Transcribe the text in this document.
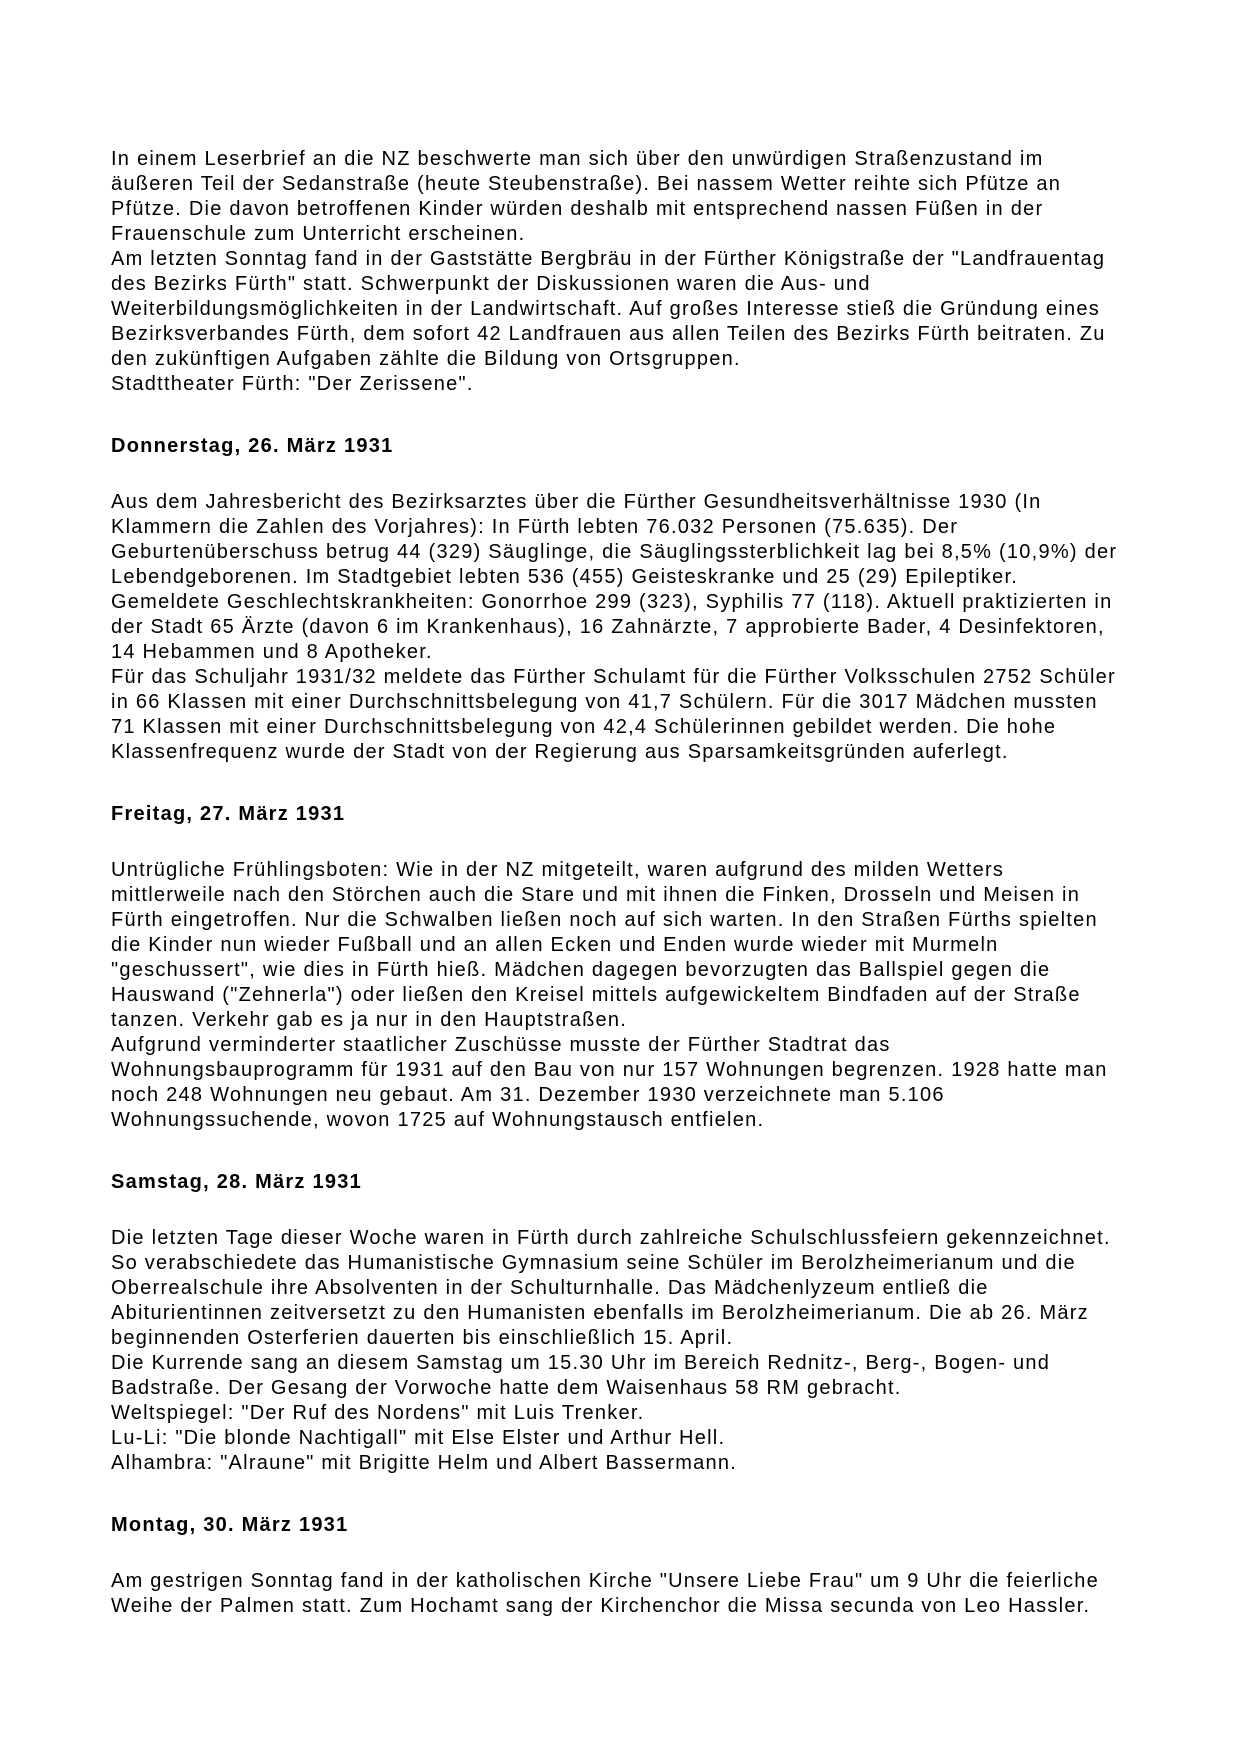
In einem Leserbrief an die NZ beschwerte man sich über den unwürdigen Straßenzustand im äußeren Teil der Sedanstraße (heute Steubenstraße). Bei nassem Wetter reihte sich Pfütze an Pfütze. Die davon betroffenen Kinder würden deshalb mit entsprechend nassen Füßen in der Frauenschule zum Unterricht erscheinen.

Am letzten Sonntag fand in der Gaststätte Bergbräu in der Fürther Königstraße der "Landfrauentag des Bezirks Fürth" statt. Schwerpunkt der Diskussionen waren die Aus- und Weiterbildungsmöglichkeiten in der Landwirtschaft. Auf großes Interesse stieß die Gründung eines Bezirksverbandes Fürth, dem sofort 42 Landfrauen aus allen Teilen des Bezirks Fürth beitraten. Zu den zukünftigen Aufgaben zählte die Bildung von Ortsgruppen.

Stadttheater Fürth: "Der Zerissene".

Donnerstag, 26. März 1931

Aus dem Jahresbericht des Bezirksarztes über die Fürther Gesundheitsverhältnisse 1930 (In Klammern die Zahlen des Vorjahres): In Fürth lebten 76.032 Personen (75.635). Der Geburtenüberschuss betrug 44 (329) Säuglinge, die Säuglingssterblichkeit lag bei 8,5% (10,9%) der Lebendgeborenen. Im Stadtgebiet lebten 536 (455) Geisteskranke und 25 (29) Epileptiker. Gemeldete Geschlechtskrankheiten: Gonorrhoe 299 (323), Syphilis 77 (118). Aktuell praktizierten in der Stadt 65 Ärzte (davon 6 im Krankenhaus), 16 Zahnärzte, 7 approbierte Bader, 4 Desinfektoren, 14 Hebammen und 8 Apotheker.

Für das Schuljahr 1931/32 meldete das Fürther Schulamt für die Fürther Volksschulen 2752 Schüler in 66 Klassen mit einer Durchschnittsbelegung von 41,7 Schülern. Für die 3017 Mädchen mussten 71 Klassen mit einer Durchschnittsbelegung von 42,4 Schülerinnen gebildet werden. Die hohe Klassenfrequenz wurde der Stadt von der Regierung aus Sparsamkeitsgründen auferlegt.

Freitag, 27. März 1931

Untrügliche Frühlingsboten: Wie in der NZ mitgeteilt, waren aufgrund des milden Wetters mittlerweile nach den Störchen auch die Stare und mit ihnen die Finken, Drosseln und Meisen in Fürth eingetroffen. Nur die Schwalben ließen noch auf sich warten. In den Straßen Fürths spielten die Kinder nun wieder Fußball und an allen Ecken und Enden wurde wieder mit Murmeln "geschussert", wie dies in Fürth hieß. Mädchen dagegen bevorzugten das Ballspiel gegen die Hauswand ("Zehnerla") oder ließen den Kreisel mittels aufgewickeltem Bindfaden auf der Straße tanzen. Verkehr gab es ja nur in den Hauptstraßen.

Aufgrund verminderter staatlicher Zuschüsse musste der Fürther Stadtrat das Wohnungsbauprogramm für 1931 auf den Bau von nur 157 Wohnungen begrenzen. 1928 hatte man noch 248 Wohnungen neu gebaut. Am 31. Dezember 1930 verzeichnete man 5.106 Wohnungssuchende, wovon 1725 auf Wohnungstausch entfielen.

Samstag, 28. März 1931

Die letzten Tage dieser Woche waren in Fürth durch zahlreiche Schulschlussfeiern gekennzeichnet. So verabschiedete das Humanistische Gymnasium seine Schüler im Berolzheimerianum und die Oberrealschule ihre Absolventen in der Schulturnhalle. Das Mädchenlyzeum entließ die Abiturientinnen zeitversetzt zu den Humanisten ebenfalls im Berolzheimerianum. Die ab 26. März beginnenden Osterferien dauerten bis einschließlich 15. April.

Die Kurrende sang an diesem Samstag um 15.30 Uhr im Bereich Rednitz-, Berg-, Bogen- und Badstraße. Der Gesang der Vorwoche hatte dem Waisenhaus 58 RM gebracht.

Weltspiegel: "Der Ruf des Nordens" mit Luis Trenker.

Lu-Li: "Die blonde Nachtigall" mit Else Elster und Arthur Hell.

Alhambra: "Alraune" mit Brigitte Helm und Albert Bassermann.

Montag, 30. März 1931

Am gestrigen Sonntag fand in der katholischen Kirche "Unsere Liebe Frau" um 9 Uhr die feierliche Weihe der Palmen statt. Zum Hochamt sang der Kirchenchor die Missa secunda von Leo Hassler.
